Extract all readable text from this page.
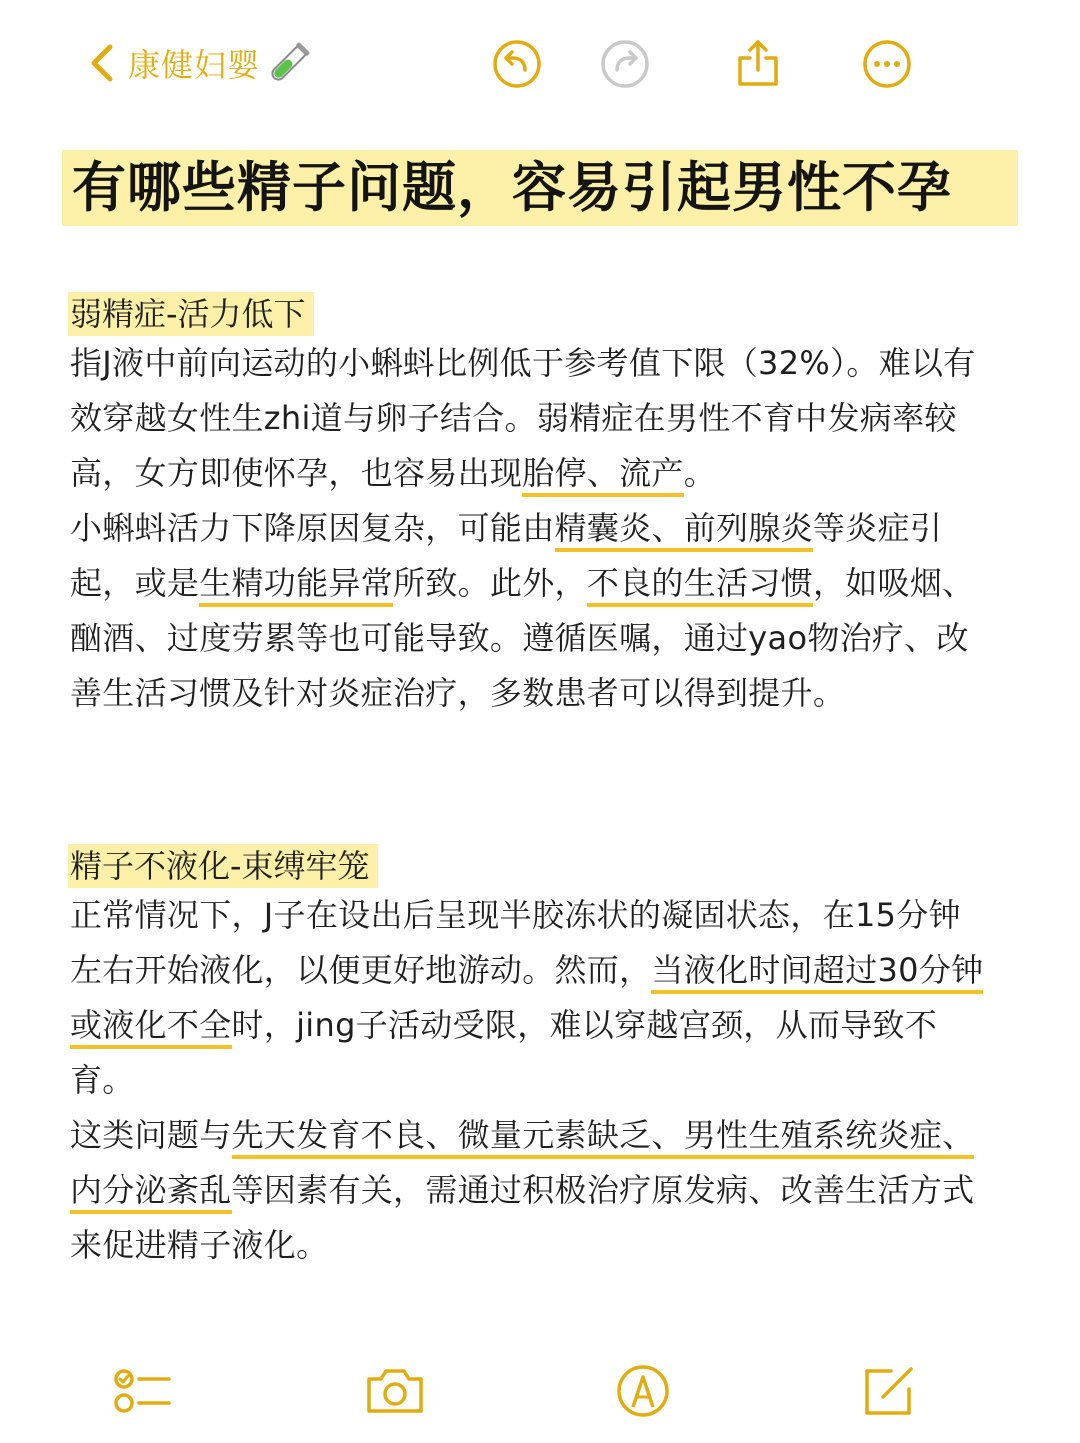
康健妇婴
有哪些精子问题，容易引起男性不孕
弱精症-活力低下

指J液中前向运动的小蝌蚪比例低于参考值下限（32%）。难以有效穿越女性生zhi道与卵子结合。弱精症在男性不育中发病率较高，女方即使怀孕，也容易出现胎停、流产。

小蝌蚪活力下降原因复杂，可能由精囊炎、前列腺炎等炎症引起，或是生精功能异常所致。此外，不良的生活习惯，如吸烟、酗酒、过度劳累等也可能导致。遵循医嘱，通过yao物治疗、改善生活习惯及针对炎症治疗，多数患者可以得到提升。

精子不液化-束缚牢笼

正常情况下，J子在设出后呈现半胶冻状的凝固状态，在15分钟左右开始液化，以便更好地游动。然而，当液化时间超过30分钟或液化不全时，jing子活动受限，难以穿越宫颈，从而导致不育。

这类问题与先天发育不良、微量元素缺乏、男性生殖系统炎症、内分泌紊乱等因素有关，需通过积极治疗原发病、改善生活方式来促进精子液化。
